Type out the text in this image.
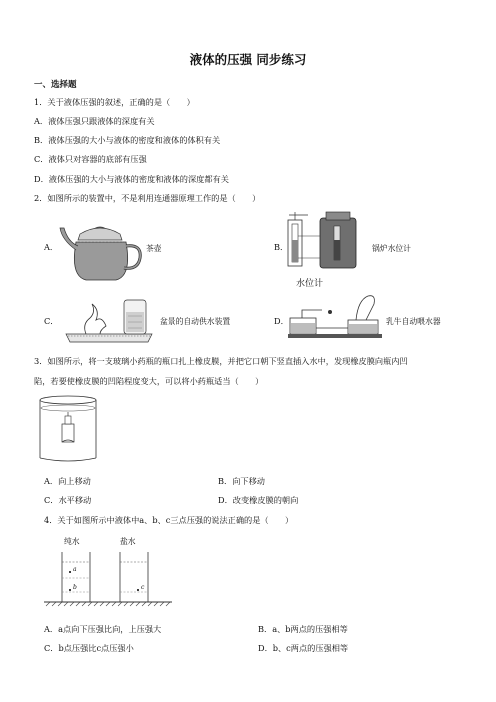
液体的压强 同步练习
一、选择题
1．关于液体压强的叙述，正确的是（　　）
A．液体压强只跟液体的深度有关
B．液体压强的大小与液体的密度和液体的体积有关
C．液体只对容器的底部有压强
D．液体压强的大小与液体的密度和液体的深度都有关
2．如图所示的装置中，不是利用连通器原理工作的是（　　）
A．	茶壶	B．
水位计
锅炉水位计
C．	盆景的自动供水装置	D．	乳牛自动喂水器
3．如图所示，将一支玻璃小药瓶的瓶口扎上橡皮膜，并把它口朝下竖直插入水中，发现橡皮膜向瓶内凹
陷，若要使橡皮膜的凹陷程度变大，可以将小药瓶适当（　　）
A．向上移动	B．向下移动
C．水平移动	D．改变橡皮膜的朝向
4．关于如图所示中液体中a、b、c三点压强的说法正确的是（　　）
纯水	盐水
a
b	c
A．a点向下压强比向，上压强大	B．a、b两点的压强相等
C．b点压强比c点压强小	D．b、c两点的压强相等
